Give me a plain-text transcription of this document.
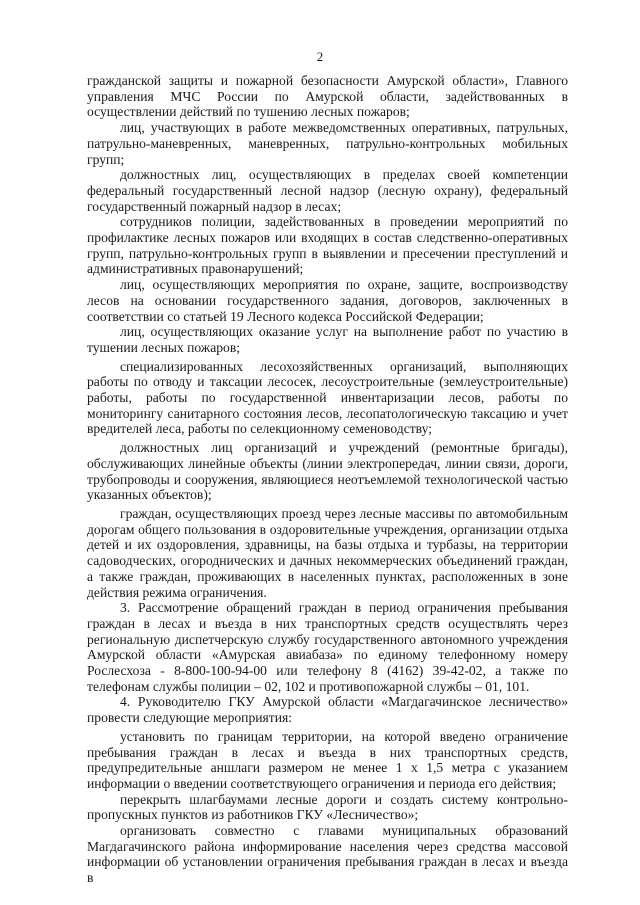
2

гражданской защиты и пожарной безопасности Амурской области», Главного управления МЧС России по Амурской области, задействованных в осуществлении действий по тушению лесных пожаров;

лиц, участвующих в работе межведомственных оперативных, патрульных, патрульно-маневренных, маневренных, патрульно-контрольных мобильных групп;

должностных лиц, осуществляющих в пределах своей компетенции федеральный государственный лесной надзор (лесную охрану), федеральный государственный пожарный надзор в лесах;

сотрудников полиции, задействованных в проведении мероприятий по профилактике лесных пожаров или входящих в состав следственно-оперативных групп, патрульно-контрольных групп в выявлении и пресечении преступлений и административных правонарушений;

лиц, осуществляющих мероприятия по охране, защите, воспроизводству лесов на основании государственного задания, договоров, заключенных в соответствии со статьей 19 Лесного кодекса Российской Федерации;

лиц, осуществляющих оказание услуг на выполнение работ по участию в тушении лесных пожаров;

специализированных лесохозяйственных организаций, выполняющих работы по отводу и таксации лесосек, лесоустроительные (землеустроительные) работы, работы по государственной инвентаризации лесов, работы по мониторингу санитарного состояния лесов, лесопатологическую таксацию и учет вредителей леса, работы по селекционному семеноводству;

должностных лиц организаций и учреждений (ремонтные бригады), обслуживающих линейные объекты (линии электропередач, линии связи, дороги, трубопроводы и сооружения, являющиеся неотъемлемой технологической частью указанных объектов);

граждан, осуществляющих проезд через лесные массивы по автомобильным дорогам общего пользования в оздоровительные учреждения, организации отдыха детей и их оздоровления, здравницы, на базы отдыха и турбазы, на территории садоводческих, огороднических и дачных некоммерческих объединений граждан, а также граждан, проживающих в населенных пунктах, расположенных в зоне действия режима ограничения.

3. Рассмотрение обращений граждан в период ограничения пребывания граждан в лесах и въезда в них транспортных средств осуществлять через региональную диспетчерскую службу государственного автономного учреждения Амурской области «Амурская авиабаза» по единому телефонному номеру Рослесхоза - 8-800-100-94-00 или телефону 8 (4162) 39-42-02, а также по телефонам службы полиции – 02, 102 и противопожарной службы – 01, 101.

4. Руководителю ГКУ Амурской области «Магдагачинское лесничество» провести следующие мероприятия:

установить по границам территории, на которой введено ограничение пребывания граждан в лесах и въезда в них транспортных средств, предупредительные аншлаги размером не менее 1 х 1,5 метра с указанием информации о введении соответствующего ограничения и периода его действия;

перекрыть шлагбаумами лесные дороги и создать систему контрольно-пропускных пунктов из работников ГКУ «Лесничество»;

организовать совместно с главами муниципальных образований Магдагачинского района информирование населения через средства массовой информации об установлении ограничения пребывания граждан в лесах и въезда в
